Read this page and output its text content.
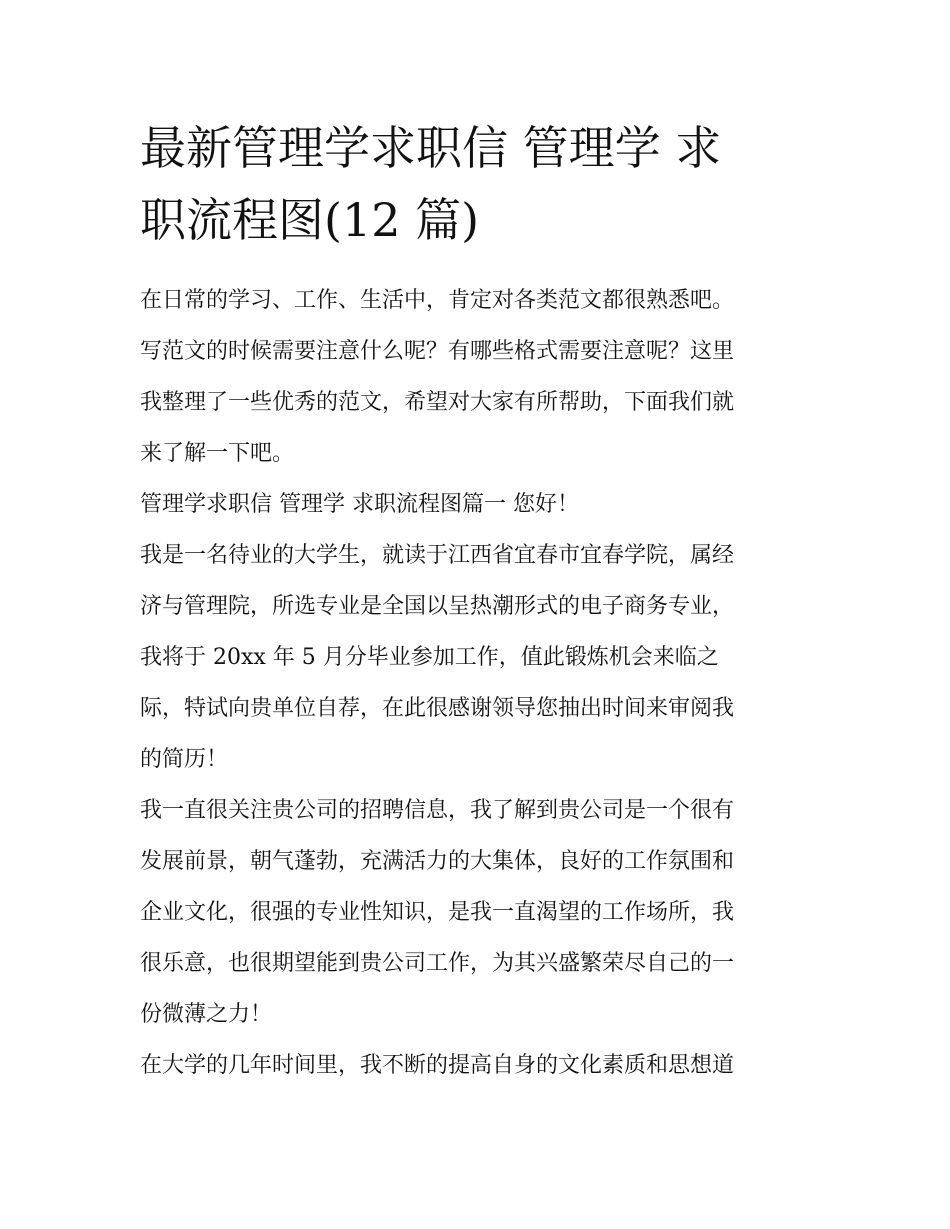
最新管理学求职信 管理学 求
职流程图(12 篇)
在日常的学习、工作、生活中，肯定对各类范文都很熟悉吧。
写范文的时候需要注意什么呢？有哪些格式需要注意呢？这里
我整理了一些优秀的范文，希望对大家有所帮助，下面我们就
来了解一下吧。
管理学求职信 管理学 求职流程图篇一 您好！
我是一名待业的大学生，就读于江西省宜春市宜春学院，属经
济与管理院，所选专业是全国以呈热潮形式的电子商务专业，
我将于 20xx 年 5 月分毕业参加工作，值此锻炼机会来临之
际，特试向贵单位自荐，在此很感谢领导您抽出时间来审阅我
的简历！
我一直很关注贵公司的招聘信息，我了解到贵公司是一个很有
发展前景，朝气蓬勃，充满活力的大集体，良好的工作氛围和
企业文化，很强的专业性知识，是我一直渴望的工作场所，我
很乐意，也很期望能到贵公司工作，为其兴盛繁荣尽自己的一
份微薄之力！
在大学的几年时间里，我不断的提高自身的文化素质和思想道
